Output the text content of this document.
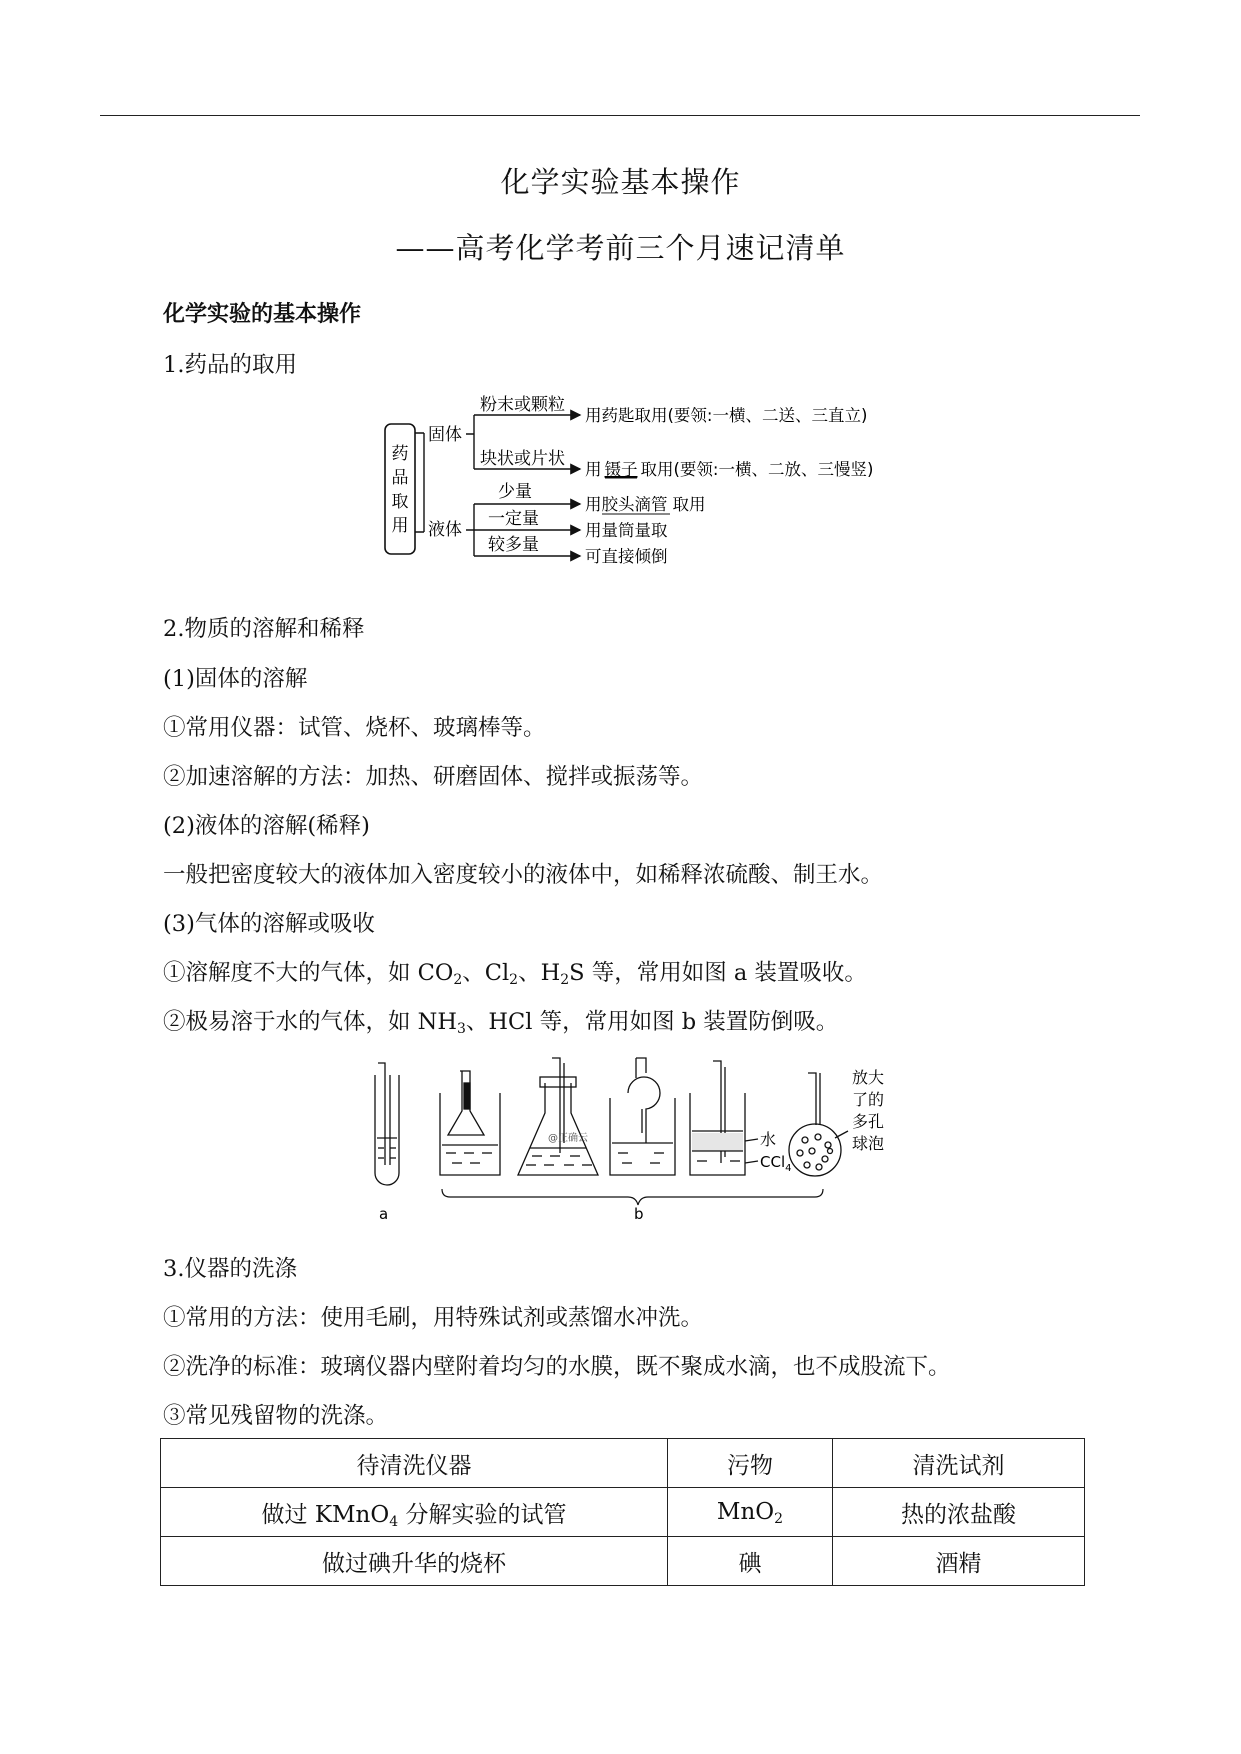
化学实验基本操作
——高考化学考前三个月速记清单
化学实验的基本操作
1.药品的取用
药
品
取
用
固体
液体
粉末或颗粒
块状或片状
用药匙取用(要领:一横、二送、三直立)
用 镊子 取用(要领:一横、二放、三慢竖)
少量
一定量
较多量
用胶头滴管 取用
用量筒量取
可直接倾倒
2.物质的溶解和稀释
(1)固体的溶解
①常用仪器：试管、烧杯、玻璃棒等。
②加速溶解的方法：加热、研磨固体、搅拌或振荡等。
(2)液体的溶解(稀释)
一般把密度较大的液体加入密度较小的液体中，如稀释浓硫酸、制王水。
(3)气体的溶解或吸收
①溶解度不大的气体，如 $CO_2$、$Cl_2$、$H_2S$ 等，常用如图 a 装置吸收。
②极易溶于水的气体，如 $NH_3$、HCl 等，常用如图 b 装置防倒吸。
a
@正确云	水
CCl$_4$
放大
了的
多孔
球泡
b
3.仪器的洗涤
①常用的方法：使用毛刷，用特殊试剂或蒸馏水冲洗。
②洗净的标准：玻璃仪器内壁附着均匀的水膜，既不聚成水滴，也不成股流下。
③常见残留物的洗涤。
待清洗仪器	污物	清洗试剂
做过 KMnO$_4$ 分解实验的试管	MnO$_2$	热的浓盐酸
做过碘升华的烧杯	碘	酒精
